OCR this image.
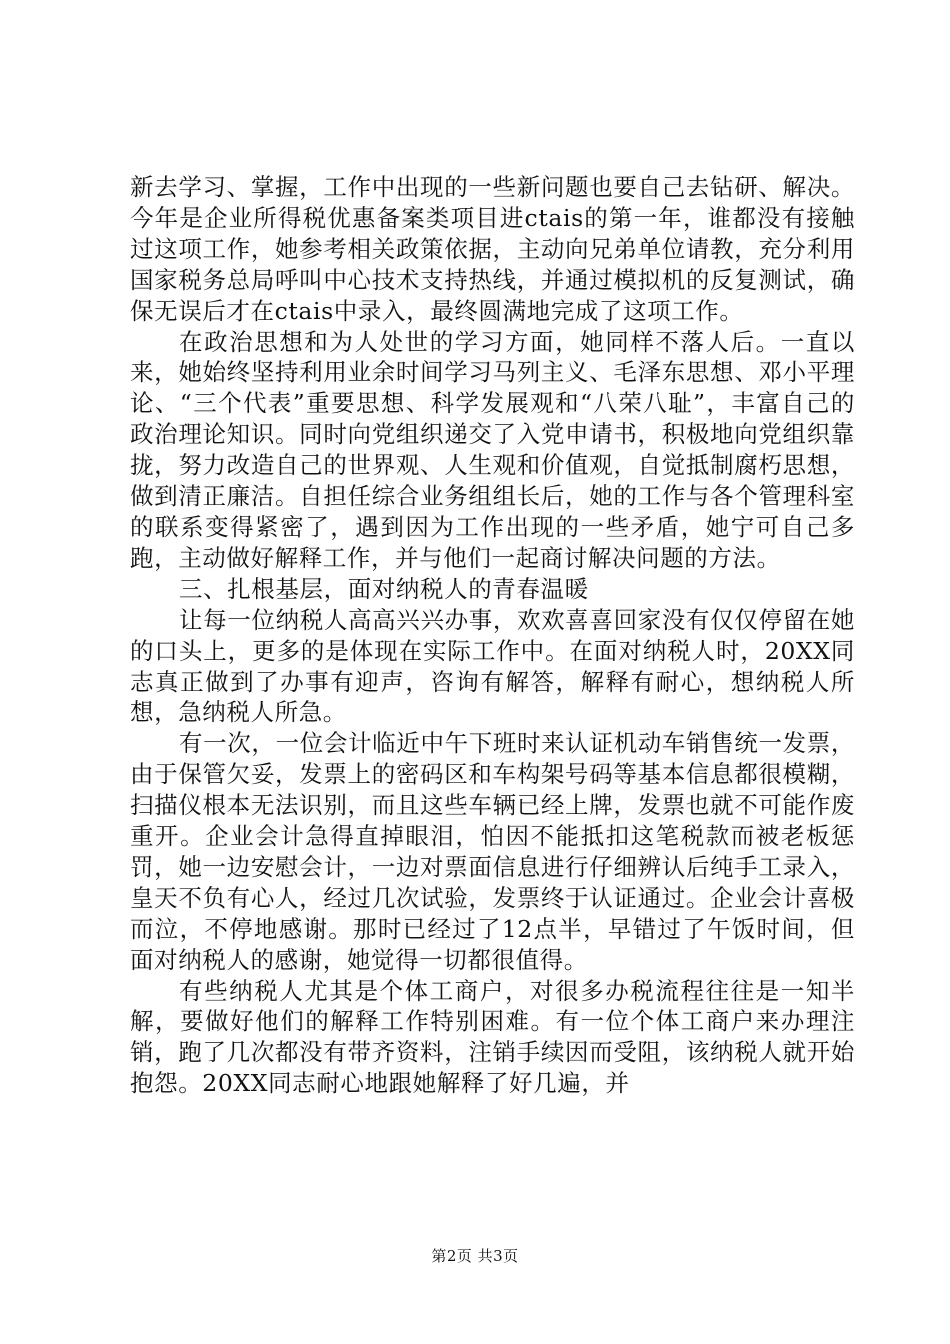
新去学习、掌握，工作中出现的一些新问题也要自己去钻研、解决。今年是企业所得税优惠备案类项目进ctais的第一年，谁都没有接触过这项工作，她参考相关政策依据，主动向兄弟单位请教，充分利用国家税务总局呼叫中心技术支持热线，并通过模拟机的反复测试，确保无误后才在ctais中录入，最终圆满地完成了这项工作。

在政治思想和为人处世的学习方面，她同样不落人后。一直以来，她始终坚持利用业余时间学习马列主义、毛泽东思想、邓小平理论、“三个代表”重要思想、科学发展观和“八荣八耻”，丰富自己的政治理论知识。同时向党组织递交了入党申请书，积极地向党组织靠拢，努力改造自己的世界观、人生观和价值观，自觉抵制腐朽思想，做到清正廉洁。自担任综合业务组组长后，她的工作与各个管理科室的联系变得紧密了，遇到因为工作出现的一些矛盾，她宁可自己多跑，主动做好解释工作，并与他们一起商讨解决问题的方法。

三、扎根基层，面对纳税人的青春温暖

让每一位纳税人高高兴兴办事，欢欢喜喜回家没有仅仅停留在她的口头上，更多的是体现在实际工作中。在面对纳税人时，20XX同志真正做到了办事有迎声，咨询有解答，解释有耐心，想纳税人所想，急纳税人所急。

有一次，一位会计临近中午下班时来认证机动车销售统一发票，由于保管欠妥，发票上的密码区和车构架号码等基本信息都很模糊，扫描仪根本无法识别，而且这些车辆已经上牌，发票也就不可能作废重开。企业会计急得直掉眼泪，怕因不能抵扣这笔税款而被老板惩罚，她一边安慰会计，一边对票面信息进行仔细辨认后纯手工录入，皇天不负有心人，经过几次试验，发票终于认证通过。企业会计喜极而泣，不停地感谢。那时已经过了12点半，早错过了午饭时间，但面对纳税人的感谢，她觉得一切都很值得。

有些纳税人尤其是个体工商户，对很多办税流程往往是一知半解，要做好他们的解释工作特别困难。有一位个体工商户来办理注销，跑了几次都没有带齐资料，注销手续因而受阻，该纳税人就开始抱怨。20XX同志耐心地跟她解释了好几遍，并

第2页 共3页
